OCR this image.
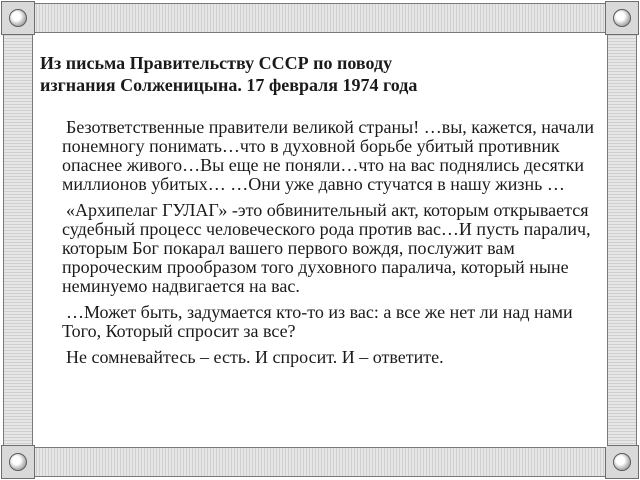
Из письма Правительству СССР по поводу
изгнания Солженицына. 17 февраля 1974 года

Безответственные правители великой страны! …вы, кажется, начали понемногу понимать…что в духовной борьбе убитый противник опаснее живого…Вы еще не поняли…что на вас поднялись десятки миллионов убитых… …Они уже давно стучатся в нашу жизнь …

«Архипелаг ГУЛАГ» -это обвинительный акт, которым открывается судебный процесс человеческого рода против вас…И пусть паралич, которым Бог покарал вашего первого вождя, послужит вам пророческим прообразом того духовного паралича, который ныне неминуемо надвигается на вас.

…Может быть, задумается кто-то из вас: а все же нет ли над нами Того, Который спросит за все?

Не сомневайтесь – есть. И спросит. И – ответите.
